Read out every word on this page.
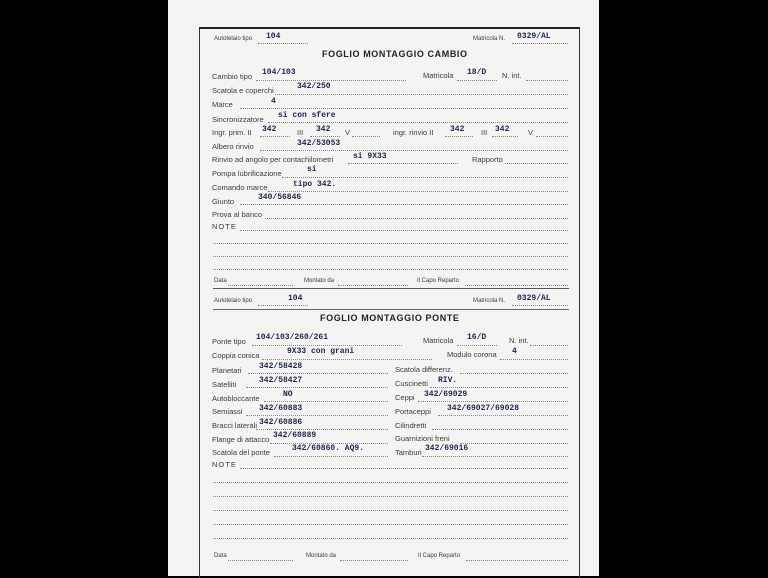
Autotelaio tipo 104	Matricola N. 0329/AL
FOGLIO MONTAGGIO CAMBIO
Cambio tipo 104/103	Matricola 18/D N. int.
Scatola e coperchi	342/250
Marce	4
Sincronizzatore si con sfere
Ingr. prim. II 342	III 342 V	ingr. rinvio II 342 III 342 V
Albero rinvio	342/53053
Rinvio ad angolo per contachilometri si 9X33	Rapporto
Pompa lubrificazione	si
Comando marce	tipo 342.
Giunto	340/56846
Prova al banco
NOTE
Data	Montato da	Il Capo Reparto
Autotelaio tipo	104	Matricola N. 0329/AL
FOGLIO MONTAGGIO PONTE
Ponte tipo 104/103/260/261	Matricola 16/D	N. int.
Coppia conica	9X33 con grani	Modulo corona 4
Planetari 342/58428	Scatola differenz.
Satelliti	342/58427	Cuscinetti RIV.
Autobloccante	NO	Ceppi 342/69029
Semiassi 342/60883	Portaceppi 342/69027/69028
Bracci laterali 342/60886	Cilindretti
Flange di attacco 342/60889	Guarnizioni freni
Scatola del ponte	342/60860. AQ9.	Tamburi 342/69016
NOTE
Data	Montato da	Il Capo Reparto
